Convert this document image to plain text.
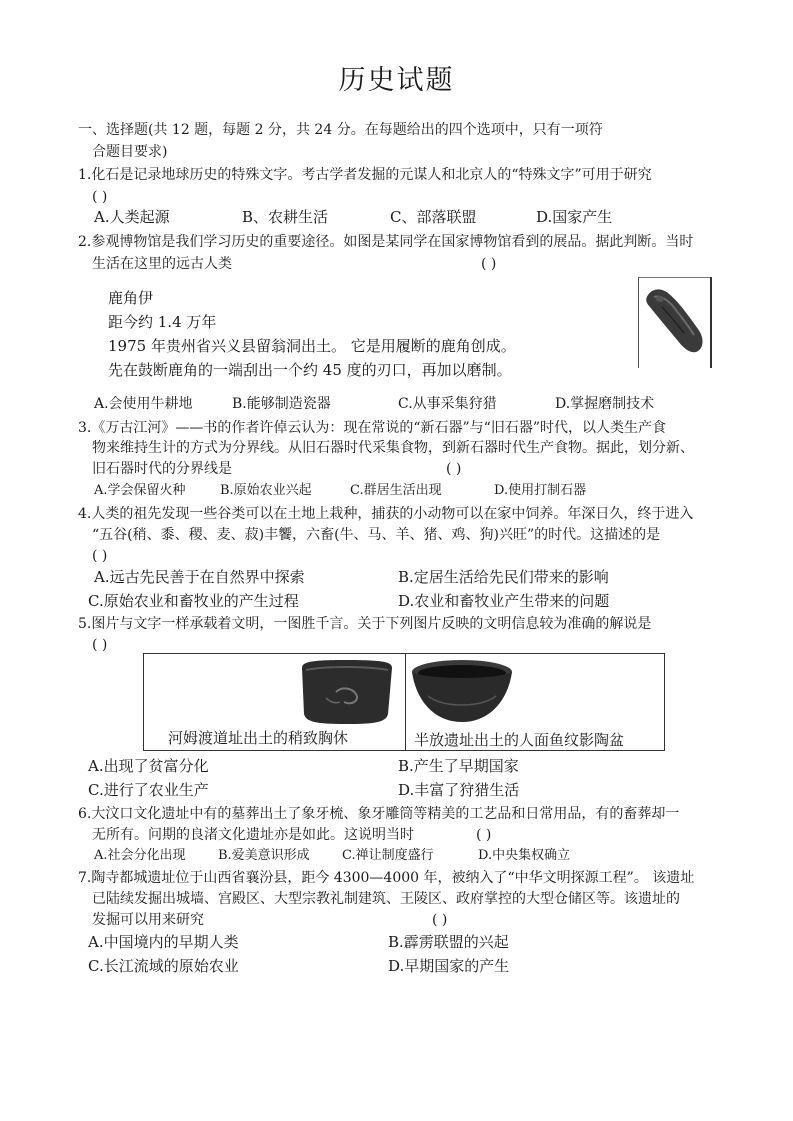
历史试题
一、选择题(共 12 题，每题 2 分，共 24 分。在每题给出的四个选项中，只有一项符
合题目要求)
1.化石是记录地球历史的特殊文字。考古学者发掘的元谋人和北京人的“特殊文字”可用于研究
( )
A.人类起源	B、农耕生活	C、部落联盟	D.国家产生
2.参观博物馆是我们学习历史的重要途径。如图是某同学在国家博物馆看到的展品。据此判断。当时
生活在这里的远古人类	( )
鹿角伊
距今约 1.4 万年
1975 年贵州省兴义县留翁洞出土。 它是用履断的鹿角创成。
先在鼓断鹿角的一端刮出一个约 45 度的刃口，再加以磨制。
A.会使用牛耕地	B.能够制造瓷器	C.从事采集狩猎	D.掌握磨制技术
3.《万古江河》——书的作者许倬云认为：现在常说的“新石器”与“旧石器”时代，以人类生产食
物来维持生计的方式为分界线。从旧石器时代采集食物，到新石器时代生产食物。据此，划分新、
旧石器时代的分界线是	( )
A.学会保留火种	B.原始农业兴起	C.群居生活出现	D.使用打制石器
4.人类的祖先发现一些谷类可以在土地上栽种，捕获的小动物可以在家中饲养。年深日久，终于进入
“五谷(稍、黍、稷、麦、菽)丰饗，六畜(牛、马、羊、猪、鸡、狗)兴旺”的时代。这描述的是
( )
A.远古先民善于在自然界中探索	B.定居生活给先民们带来的影响
C.原始农业和畜牧业的产生过程	D.农业和畜牧业产生带来的问题
5.图片与文字一样承载着文明，一图胜千言。关于下列图片反映的文明信息较为准确的解说是
( )
河姆渡道址出土的稍致胸休	半放遗址出土的人面鱼纹影陶盆
A.出现了贫富分化	B.产生了早期国家
C.进行了农业生产	D.丰富了狩猎生活
6.大汶口文化遗址中有的墓葬出土了象牙梳、象牙雕筒等精美的工艺品和日常用品，有的畜葬却一
无所有。问期的良渚文化遗址亦是如此。这说明当时	( )
A.社会分化出现 B.爱美意识形成 C.禅让制度盛行	D.中央集权确立
7.陶寺都城遗址位于山西省襄汾县，距今 4300—4000 年，被纳入了“中华文明探源工程”。 该遗址
已陆续发掘出城墙、宫殿区、大型宗教礼制建筑、王陵区、政府掌控的大型仓储区等。该遗址的
发掘可以用来研究	( )
A.中国境内的早期人类	B.霹雳联盟的兴起
C.长江流域的原始农业	D.早期国家的产生
